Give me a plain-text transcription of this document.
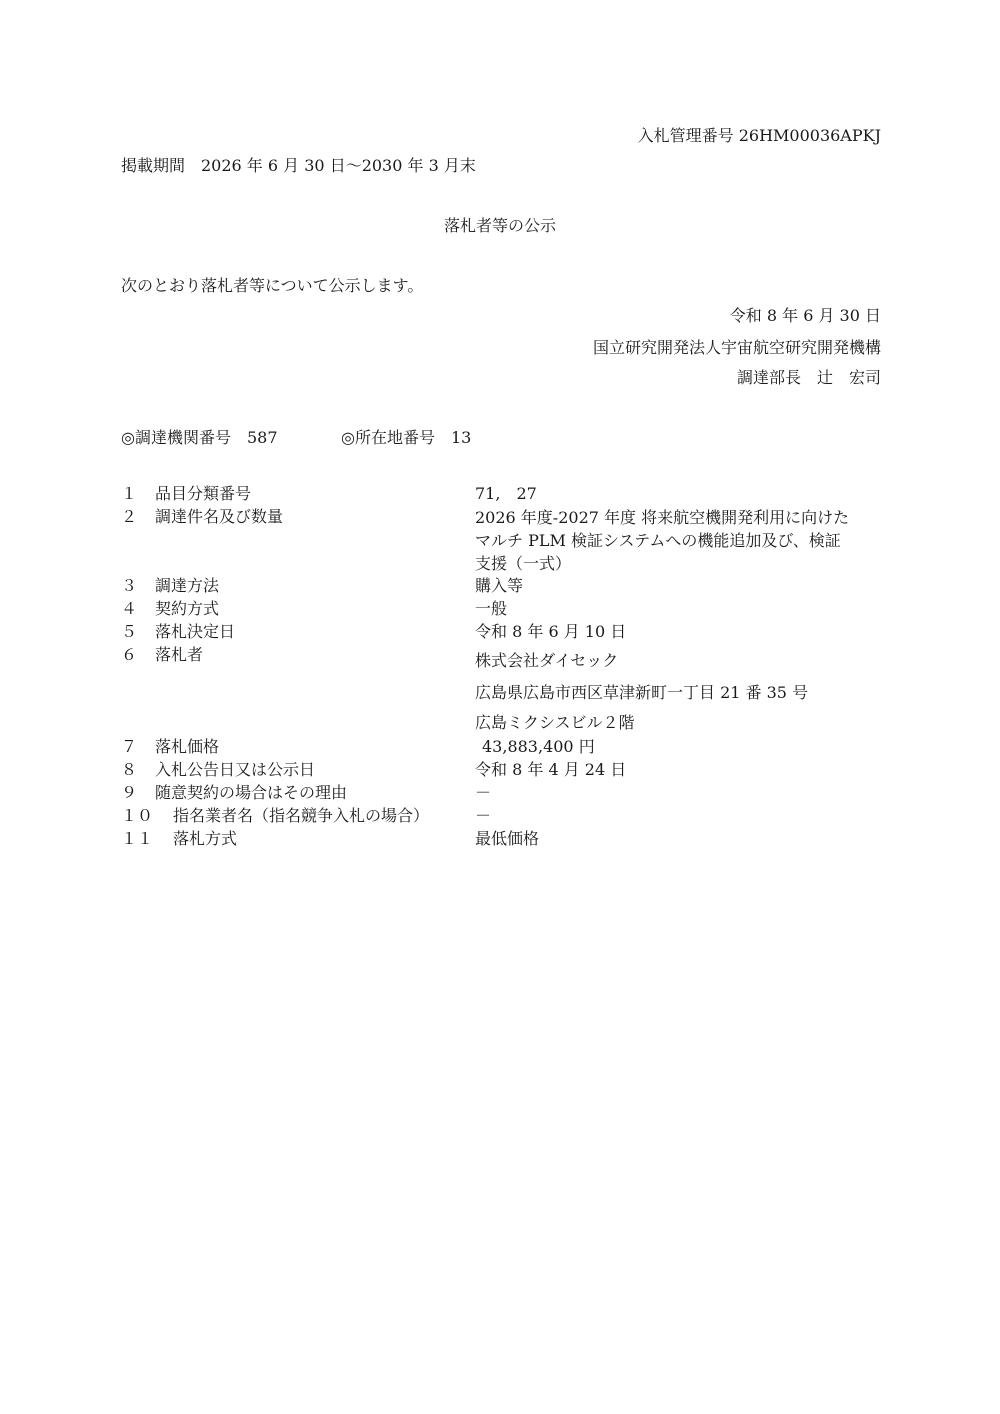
入札管理番号 26HM00036APKJ
掲載期間　2026 年 6 月 30 日～2030 年 3 月末
落札者等の公示
次のとおり落札者等について公示します。
令和 8 年 6 月 30 日
国立研究開発法人宇宙航空研究開発機構
調達部長　辻　宏司
◎調達機関番号　587	◎所在地番号　13
１ 品目分類番号	71,　27
２ 調達件名及び数量	2026 年度-2027 年度 将来航空機開発利用に向けた
マルチ PLM 検証システムへの機能追加及び、検証
支援（一式）
３ 調達方法	購入等
４ 契約方式	一般
５ 落札決定日	令和 8 年 6 月 10 日
６ 落札者	株式会社ダイセック
広島県広島市西区草津新町一丁目 21 番 35 号
広島ミクシスビル２階
７ 落札価格	43,883,400 円
８ 入札公告日又は公示日	令和 8 年 4 月 24 日
９ 随意契約の場合はその理由	－
１０ 指名業者名（指名競争入札の場合）	－
１１ 落札方式	最低価格
